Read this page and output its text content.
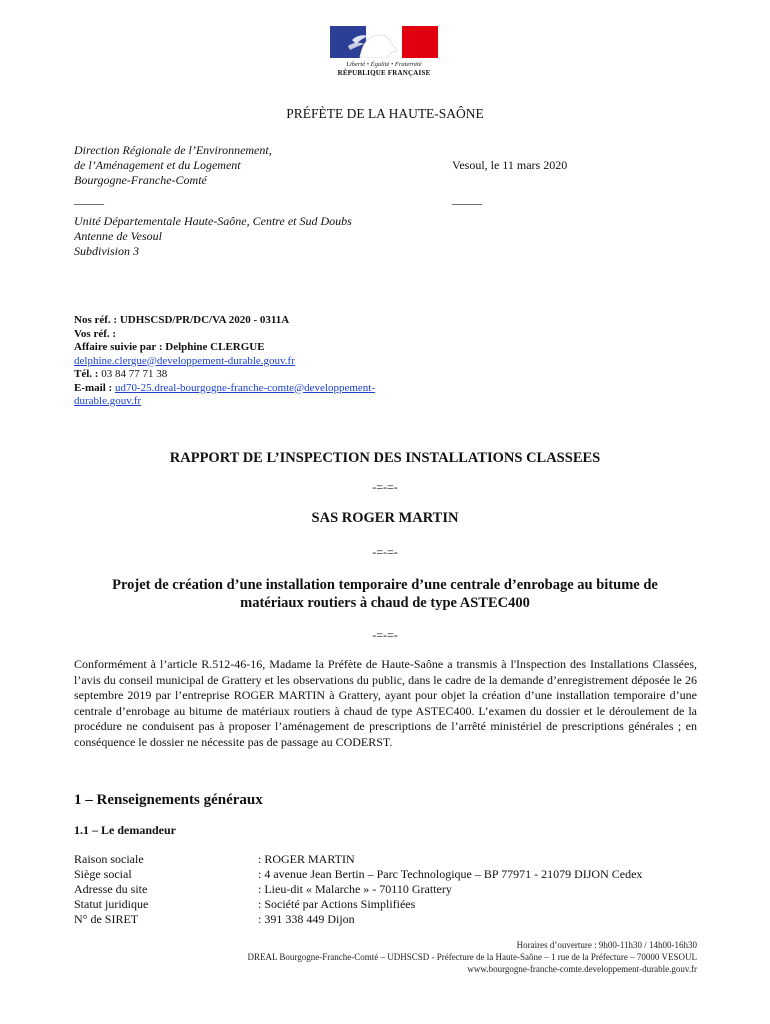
Liberté • Égalité • Fraternité
RÉPUBLIQUE FRANÇAISE
PRÉFÈTE DE LA HAUTE-SAÔNE
Direction Régionale de l’Environnement,
de l’Aménagement et du Logement
Bourgogne-Franche-Comté
_____
Unité Départementale Haute-Saône, Centre et Sud Doubs
Antenne de Vesoul
Subdivision 3
Vesoul, le 11 mars 2020
_____
Nos réf. : UDHSCSD/PR/DC/VA 2020 - 0311A
Vos réf. :
Affaire suivie par : Delphine CLERGUE
delphine.clergue@developpement-durable.gouv.fr
Tél. : 03 84 77 71 38
E-mail : ud70-25.dreal-bourgogne-franche-comte@developpement-
durable.gouv.fr
RAPPORT DE L’INSPECTION DES INSTALLATIONS CLASSEES
-=-=-
SAS ROGER MARTIN
-=-=-
Projet de création d’une installation temporaire d’une centrale d’enrobage au bitume de
matériaux routiers à chaud de type ASTEC400
-=-=-
Conformément à l’article R.512-46-16, Madame la Préfète de Haute-Saône a transmis à l'Inspection des Installations Classées, l’avis du conseil municipal de Grattery et les observations du public, dans le cadre de la demande d’enregistrement déposée le 26 septembre 2019 par l’entreprise ROGER MARTIN à Grattery, ayant pour objet la création d’une installation temporaire d’une centrale d’enrobage au bitume de matériaux routiers à chaud de type ASTEC400. L’examen du dossier et le déroulement de la procédure ne conduisent pas à proposer l’aménagement de prescriptions de l’arrêté ministériel de prescriptions générales ; en conséquence le dossier ne nécessite pas de passage au CODERST.
1 – Renseignements généraux
1.1 – Le demandeur
Raison sociale	: ROGER MARTIN
Siège social	: 4 avenue Jean Bertin – Parc Technologique – BP 77971 - 21079 DIJON Cedex
Adresse du site	: Lieu-dit « Malarche » - 70110 Grattery
Statut juridique	: Société par Actions Simplifiées
N° de SIRET	: 391 338 449 Dijon
Horaires d’ouverture : 9h00-11h30 / 14h00-16h30
DREAL Bourgogne-Franche-Comté – UDHSCSD - Préfecture de la Haute-Saône – 1 rue de la Préfecture – 70000 VESOUL
www.bourgogne-franche-comte.developpement-durable.gouv.fr
